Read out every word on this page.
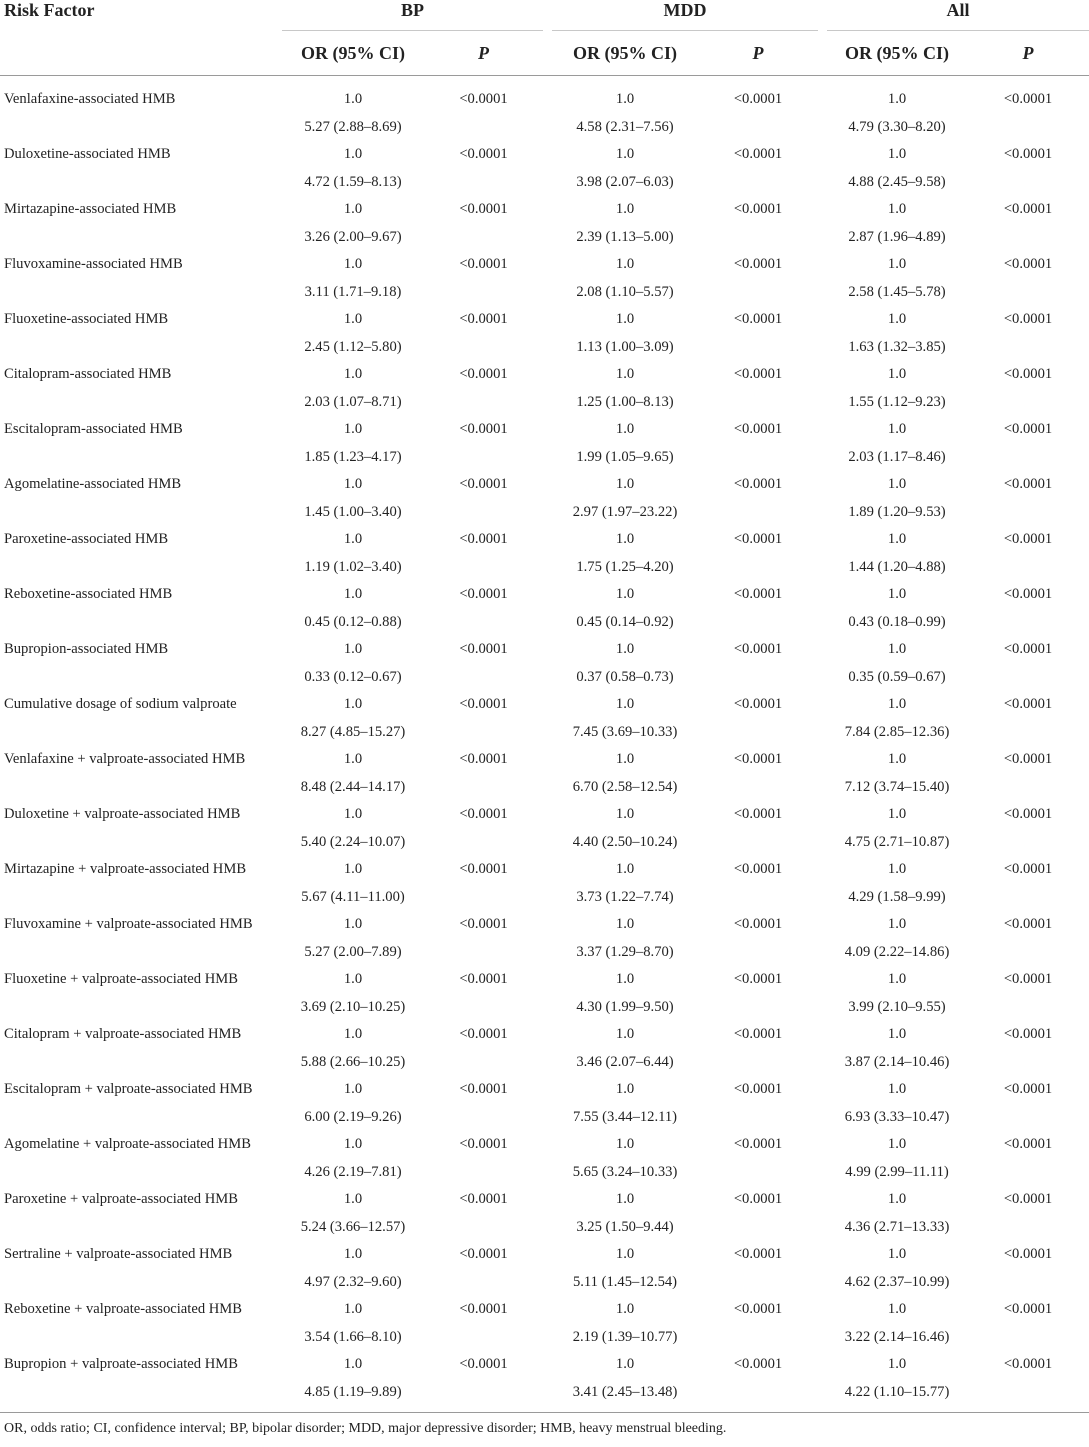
Risk Factor	BP			MDD			All	
	OR (95% CI)	P		OR (95% CI)	P		OR (95% CI)	P

Venlafaxine-associated HMB	1.0	<0.0001		1.0	<0.0001		1.0	<0.0001
	5.27 (2.88–8.69)			4.58 (2.31–7.56)			4.79 (3.30–8.20)	
Duloxetine-associated HMB	1.0	<0.0001		1.0	<0.0001		1.0	<0.0001
	4.72 (1.59–8.13)			3.98 (2.07–6.03)			4.88 (2.45–9.58)	
Mirtazapine-associated HMB	1.0	<0.0001		1.0	<0.0001		1.0	<0.0001
	3.26 (2.00–9.67)			2.39 (1.13–5.00)			2.87 (1.96–4.89)	
Fluvoxamine-associated HMB	1.0	<0.0001		1.0	<0.0001		1.0	<0.0001
	3.11 (1.71–9.18)			2.08 (1.10–5.57)			2.58 (1.45–5.78)	
Fluoxetine-associated HMB	1.0	<0.0001		1.0	<0.0001		1.0	<0.0001
	2.45 (1.12–5.80)			1.13 (1.00–3.09)			1.63 (1.32–3.85)	
Citalopram-associated HMB	1.0	<0.0001		1.0	<0.0001		1.0	<0.0001
	2.03 (1.07–8.71)			1.25 (1.00–8.13)			1.55 (1.12–9.23)	
Escitalopram-associated HMB	1.0	<0.0001		1.0	<0.0001		1.0	<0.0001
	1.85 (1.23–4.17)			1.99 (1.05–9.65)			2.03 (1.17–8.46)	
Agomelatine-associated HMB	1.0	<0.0001		1.0	<0.0001		1.0	<0.0001
	1.45 (1.00–3.40)			2.97 (1.97–23.22)			1.89 (1.20–9.53)	
Paroxetine-associated HMB	1.0	<0.0001		1.0	<0.0001		1.0	<0.0001
	1.19 (1.02–3.40)			1.75 (1.25–4.20)			1.44 (1.20–4.88)	
Reboxetine-associated HMB	1.0	<0.0001		1.0	<0.0001		1.0	<0.0001
	0.45 (0.12–0.88)			0.45 (0.14–0.92)			0.43 (0.18–0.99)	
Bupropion-associated HMB	1.0	<0.0001		1.0	<0.0001		1.0	<0.0001
	0.33 (0.12–0.67)			0.37 (0.58–0.73)			0.35 (0.59–0.67)	
Cumulative dosage of sodium valproate	1.0	<0.0001		1.0	<0.0001		1.0	<0.0001
	8.27 (4.85–15.27)			7.45 (3.69–10.33)			7.84 (2.85–12.36)	
Venlafaxine + valproate-associated HMB	1.0	<0.0001		1.0	<0.0001		1.0	<0.0001
	8.48 (2.44–14.17)			6.70 (2.58–12.54)			7.12 (3.74–15.40)	
Duloxetine + valproate-associated HMB	1.0	<0.0001		1.0	<0.0001		1.0	<0.0001
	5.40 (2.24–10.07)			4.40 (2.50–10.24)			4.75 (2.71–10.87)	
Mirtazapine + valproate-associated HMB	1.0	<0.0001		1.0	<0.0001		1.0	<0.0001
	5.67 (4.11–11.00)			3.73 (1.22–7.74)			4.29 (1.58–9.99)	
Fluvoxamine + valproate-associated HMB	1.0	<0.0001		1.0	<0.0001		1.0	<0.0001
	5.27 (2.00–7.89)			3.37 (1.29–8.70)			4.09 (2.22–14.86)	
Fluoxetine + valproate-associated HMB	1.0	<0.0001		1.0	<0.0001		1.0	<0.0001
	3.69 (2.10–10.25)			4.30 (1.99–9.50)			3.99 (2.10–9.55)	
Citalopram + valproate-associated HMB	1.0	<0.0001		1.0	<0.0001		1.0	<0.0001
	5.88 (2.66–10.25)			3.46 (2.07–6.44)			3.87 (2.14–10.46)	
Escitalopram + valproate-associated HMB	1.0	<0.0001		1.0	<0.0001		1.0	<0.0001
	6.00 (2.19–9.26)			7.55 (3.44–12.11)			6.93 (3.33–10.47)	
Agomelatine + valproate-associated HMB	1.0	<0.0001		1.0	<0.0001		1.0	<0.0001
	4.26 (2.19–7.81)			5.65 (3.24–10.33)			4.99 (2.99–11.11)	
Paroxetine + valproate-associated HMB	1.0	<0.0001		1.0	<0.0001		1.0	<0.0001
	5.24 (3.66–12.57)			3.25 (1.50–9.44)			4.36 (2.71–13.33)	
Sertraline + valproate-associated HMB	1.0	<0.0001		1.0	<0.0001		1.0	<0.0001
	4.97 (2.32–9.60)			5.11 (1.45–12.54)			4.62 (2.37–10.99)	
Reboxetine + valproate-associated HMB	1.0	<0.0001		1.0	<0.0001		1.0	<0.0001
	3.54 (1.66–8.10)			2.19 (1.39–10.77)			3.22 (2.14–16.46)	
Bupropion + valproate-associated HMB	1.0	<0.0001		1.0	<0.0001		1.0	<0.0001
	4.85 (1.19–9.89)			3.41 (2.45–13.48)			4.22 (1.10–15.77)	

OR, odds ratio; CI, confidence interval; BP, bipolar disorder; MDD, major depressive disorder; HMB, heavy menstrual bleeding.								
